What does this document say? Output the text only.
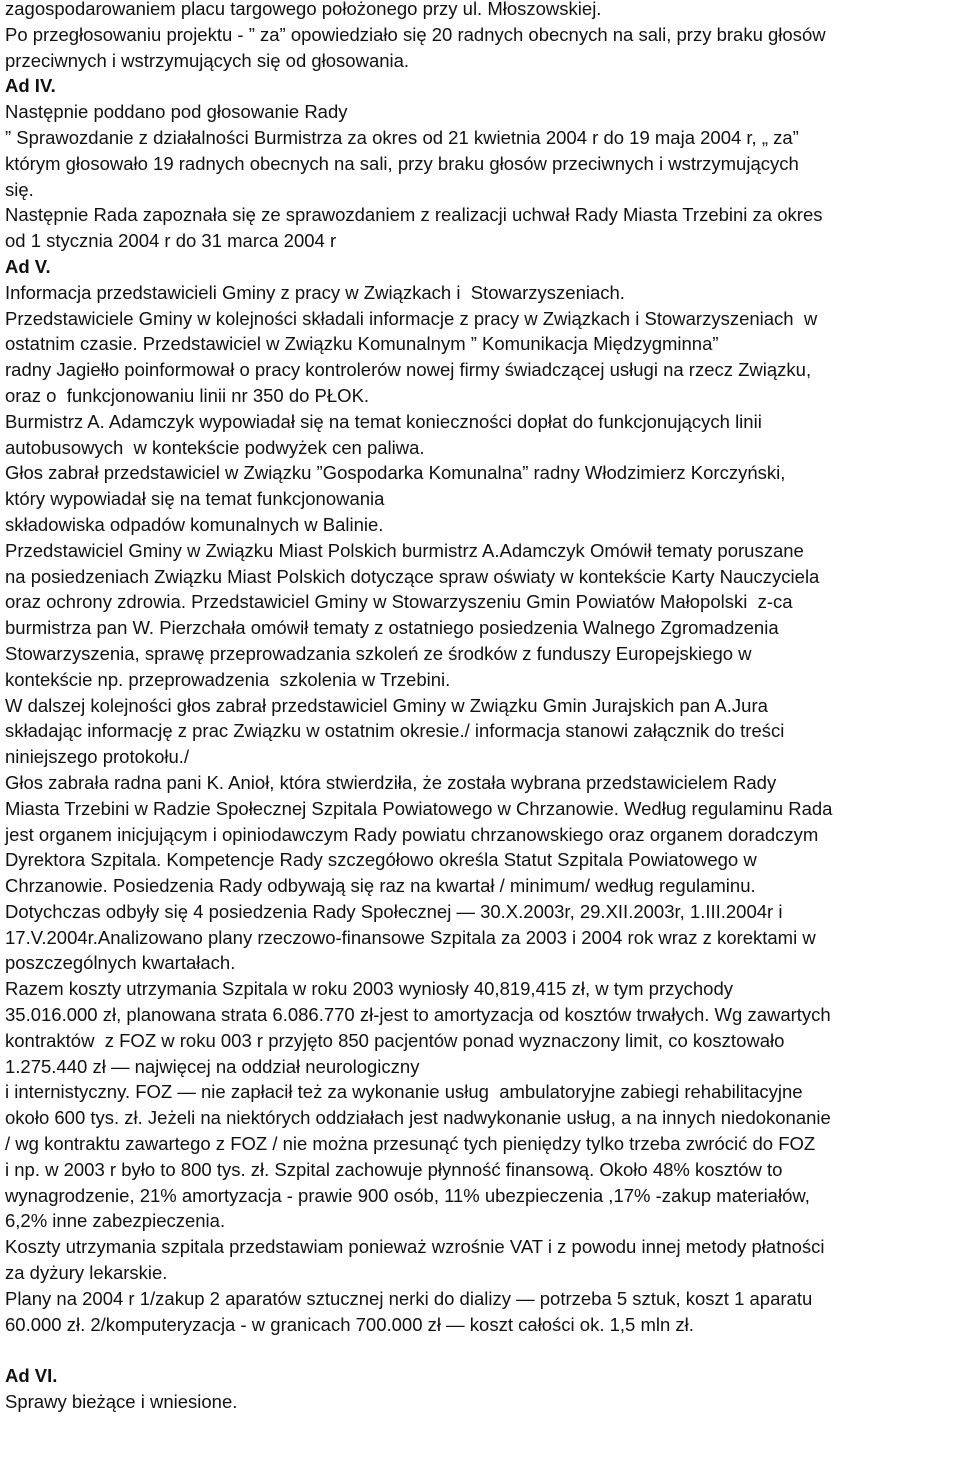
zagospodarowaniem placu targowego położonego przy ul. Młoszowskiej.
Po przegłosowaniu projektu - ” za” opowiedziało się 20 radnych obecnych na sali, przy braku głosów
przeciwnych i wstrzymujących się od głosowania.
Ad IV.
Następnie poddano pod głosowanie Rady
” Sprawozdanie z działalności Burmistrza za okres od 21 kwietnia 2004 r do 19 maja 2004 r, „ za”
którym głosowało 19 radnych obecnych na sali, przy braku głosów przeciwnych i wstrzymujących
się.
Następnie Rada zapoznała się ze sprawozdaniem z realizacji uchwał Rady Miasta Trzebini za okres
od 1 stycznia 2004 r do 31 marca 2004 r
Ad V.
Informacja przedstawicieli Gminy z pracy w Związkach i  Stowarzyszeniach.
Przedstawiciele Gminy w kolejności składali informacje z pracy w Związkach i Stowarzyszeniach  w
ostatnim czasie. Przedstawiciel w Związku Komunalnym ” Komunikacja Międzygminna”
radny Jagiełło poinformował o pracy kontrolerów nowej firmy świadczącej usługi na rzecz Związku,
oraz o  funkcjonowaniu linii nr 350 do PŁOK.
Burmistrz A. Adamczyk wypowiadał się na temat konieczności dopłat do funkcjonujących linii
autobusowych  w kontekście podwyżek cen paliwa.
Głos zabrał przedstawiciel w Związku ”Gospodarka Komunalna” radny Włodzimierz Korczyński,
który wypowiadał się na temat funkcjonowania
składowiska odpadów komunalnych w Balinie.
Przedstawiciel Gminy w Związku Miast Polskich burmistrz A.Adamczyk Omówił tematy poruszane
na posiedzeniach Związku Miast Polskich dotyczące spraw oświaty w kontekście Karty Nauczyciela
oraz ochrony zdrowia. Przedstawiciel Gminy w Stowarzyszeniu Gmin Powiatów Małopolski  z-ca
burmistrza pan W. Pierzchała omówił tematy z ostatniego posiedzenia Walnego Zgromadzenia
Stowarzyszenia, sprawę przeprowadzania szkoleń ze środków z funduszy Europejskiego w
kontekście np. przeprowadzenia  szkolenia w Trzebini.
W dalszej kolejności głos zabrał przedstawiciel Gminy w Związku Gmin Jurajskich pan A.Jura
składając informację z prac Związku w ostatnim okresie./ informacja stanowi załącznik do treści
niniejszego protokołu./
Głos zabrała radna pani K. Anioł, która stwierdziła, że została wybrana przedstawicielem Rady
Miasta Trzebini w Radzie Społecznej Szpitala Powiatowego w Chrzanowie. Według regulaminu Rada
jest organem inicjującym i opiniodawczym Rady powiatu chrzanowskiego oraz organem doradczym
Dyrektora Szpitala. Kompetencje Rady szczegółowo określa Statut Szpitala Powiatowego w
Chrzanowie. Posiedzenia Rady odbywają się raz na kwartał / minimum/ według regulaminu.
Dotychczas odbyły się 4 posiedzenia Rady Społecznej — 30.X.2003r, 29.XII.2003r, 1.III.2004r i
17.V.2004r.Analizowano plany rzeczowo-finansowe Szpitala za 2003 i 2004 rok wraz z korektami w
poszczególnych kwartałach.
Razem koszty utrzymania Szpitala w roku 2003 wyniosły 40,819,415 zł, w tym przychody
35.016.000 zł, planowana strata 6.086.770 zł-jest to amortyzacja od kosztów trwałych. Wg zawartych
kontraktów  z FOZ w roku 003 r przyjęto 850 pacjentów ponad wyznaczony limit, co kosztowało
1.275.440 zł — najwięcej na oddział neurologiczny
i internistyczny. FOZ — nie zapłacił też za wykonanie usług  ambulatoryjne zabiegi rehabilitacyjne
około 600 tys. zł. Jeżeli na niektórych oddziałach jest nadwykonanie usług, a na innych niedokonanie
/ wg kontraktu zawartego z FOZ / nie można przesunąć tych pieniędzy tylko trzeba zwrócić do FOZ
i np. w 2003 r było to 800 tys. zł. Szpital zachowuje płynność finansową. Około 48% kosztów to
wynagrodzenie, 21% amortyzacja - prawie 900 osób, 11% ubezpieczenia ,17% -zakup materiałów,
6,2% inne zabezpieczenia.
Koszty utrzymania szpitala przedstawiam ponieważ wzrośnie VAT i z powodu innej metody płatności
za dyżury lekarskie.
Plany na 2004 r 1/zakup 2 aparatów sztucznej nerki do dializy — potrzeba 5 sztuk, koszt 1 aparatu
60.000 zł. 2/komputeryzacja - w granicach 700.000 zł — koszt całości ok. 1,5 mln zł.
Ad VI.
Sprawy bieżące i wniesione.
